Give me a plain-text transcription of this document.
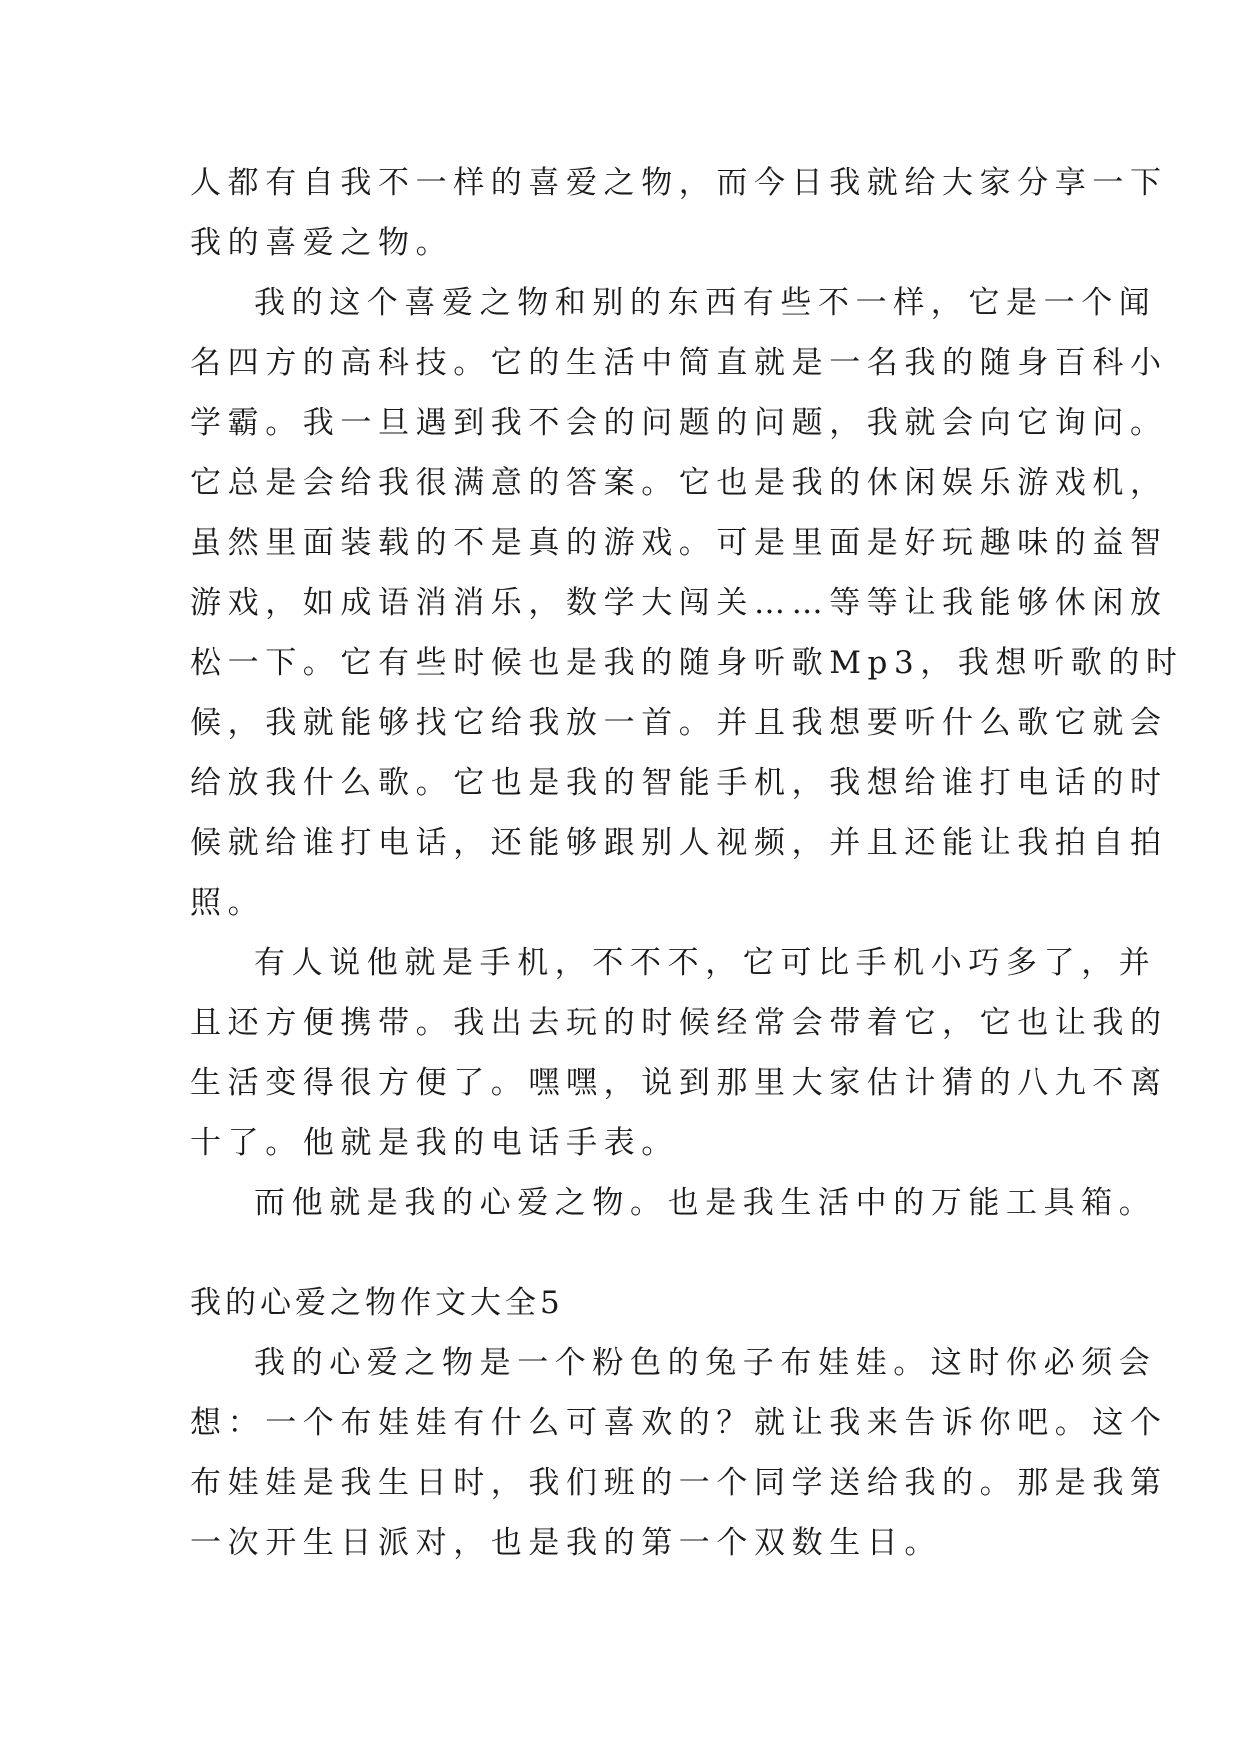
人都有自我不一样的喜爱之物，而今日我就给大家分享一下

我的喜爱之物。

我的这个喜爱之物和别的东西有些不一样，它是一个闻

名四方的高科技。它的生活中简直就是一名我的随身百科小

学霸。我一旦遇到我不会的问题的问题，我就会向它询问。

它总是会给我很满意的答案。它也是我的休闲娱乐游戏机，

虽然里面装载的不是真的游戏。可是里面是好玩趣味的益智

游戏，如成语消消乐，数学大闯关……等等让我能够休闲放

松一下。它有些时候也是我的随身听歌Mp3，我想听歌的时

候，我就能够找它给我放一首。并且我想要听什么歌它就会

给放我什么歌。它也是我的智能手机，我想给谁打电话的时

候就给谁打电话，还能够跟别人视频，并且还能让我拍自拍

照。

有人说他就是手机，不不不，它可比手机小巧多了，并

且还方便携带。我出去玩的时候经常会带着它，它也让我的

生活变得很方便了。嘿嘿，说到那里大家估计猜的八九不离

十了。他就是我的电话手表。

而他就是我的心爱之物。也是我生活中的万能工具箱。

我的心爱之物作文大全5

我的心爱之物是一个粉色的兔子布娃娃。这时你必须会

想：一个布娃娃有什么可喜欢的？就让我来告诉你吧。这个

布娃娃是我生日时，我们班的一个同学送给我的。那是我第

一次开生日派对，也是我的第一个双数生日。
